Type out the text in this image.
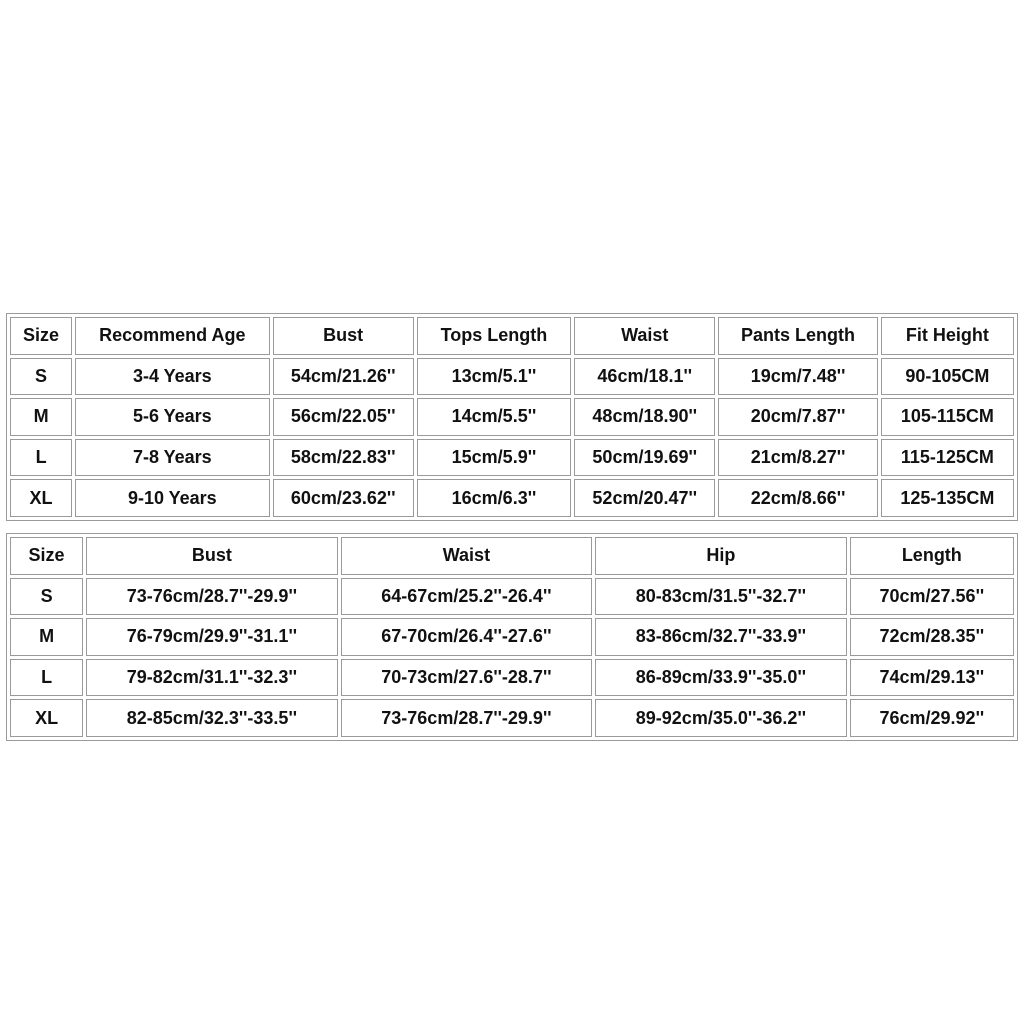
Size	Recommend Age	Bust	Tops Length	Waist	Pants Length	Fit Height
S	3-4 Years	54cm/21.26''	13cm/5.1''	46cm/18.1''	19cm/7.48''	90-105CM
M	5-6 Years	56cm/22.05''	14cm/5.5''	48cm/18.90''	20cm/7.87''	105-115CM
L	7-8 Years	58cm/22.83''	15cm/5.9''	50cm/19.69''	21cm/8.27''	115-125CM
XL	9-10 Years	60cm/23.62''	16cm/6.3''	52cm/20.47''	22cm/8.66''	125-135CM
Size	Bust	Waist	Hip	Length
S	73-76cm/28.7''-29.9''	64-67cm/25.2''-26.4''	80-83cm/31.5''-32.7''	70cm/27.56''
M	76-79cm/29.9''-31.1''	67-70cm/26.4''-27.6''	83-86cm/32.7''-33.9''	72cm/28.35''
L	79-82cm/31.1''-32.3''	70-73cm/27.6''-28.7''	86-89cm/33.9''-35.0''	74cm/29.13''
XL	82-85cm/32.3''-33.5''	73-76cm/28.7''-29.9''	89-92cm/35.0''-36.2''	76cm/29.92''
